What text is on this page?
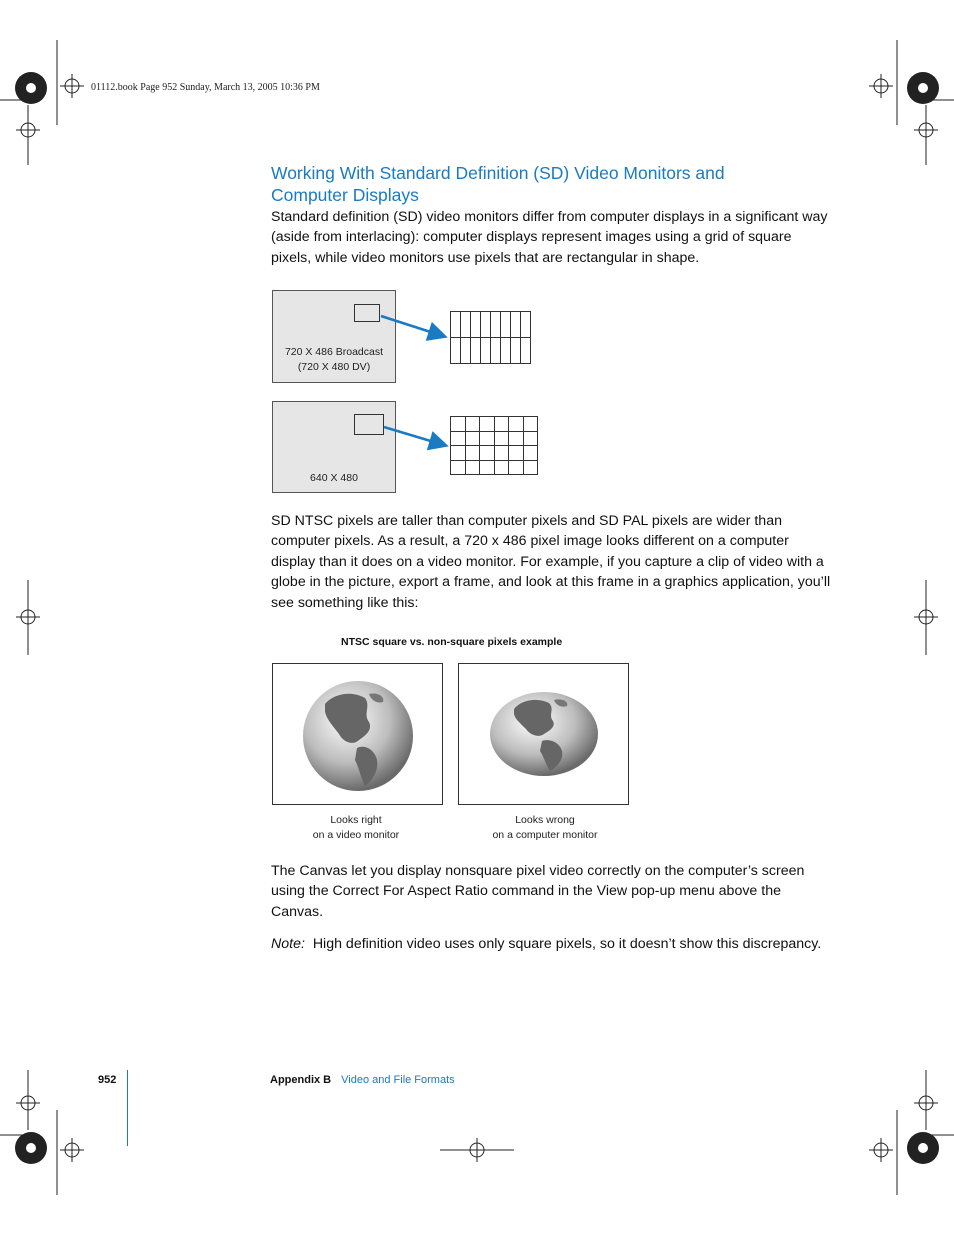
01112.book Page 952 Sunday, March 13, 2005 10:36 PM
Working With Standard Definition (SD) Video Monitors and Computer Displays

Standard definition (SD) video monitors differ from computer displays in a significant way (aside from interlacing): computer displays represent images using a grid of square pixels, while video monitors use pixels that are rectangular in shape.

720 X 486 Broadcast
(720 X 480 DV)
640 X 480

SD NTSC pixels are taller than computer pixels and SD PAL pixels are wider than computer pixels. As a result, a 720 x 486 pixel image looks different on a computer display than it does on a video monitor. For example, if you capture a clip of video with a globe in the picture, export a frame, and look at this frame in a graphics application, you’ll see something like this:

NTSC square vs. non-square pixels example
Looks right
on a video monitor
Looks wrong
on a computer monitor

The Canvas let you display nonsquare pixel video correctly on the computer’s screen using the Correct For Aspect Ratio command in the View pop-up menu above the Canvas.

Note: High definition video uses only square pixels, so it doesn’t show this discrepancy.

952	Appendix B Video and File Formats
